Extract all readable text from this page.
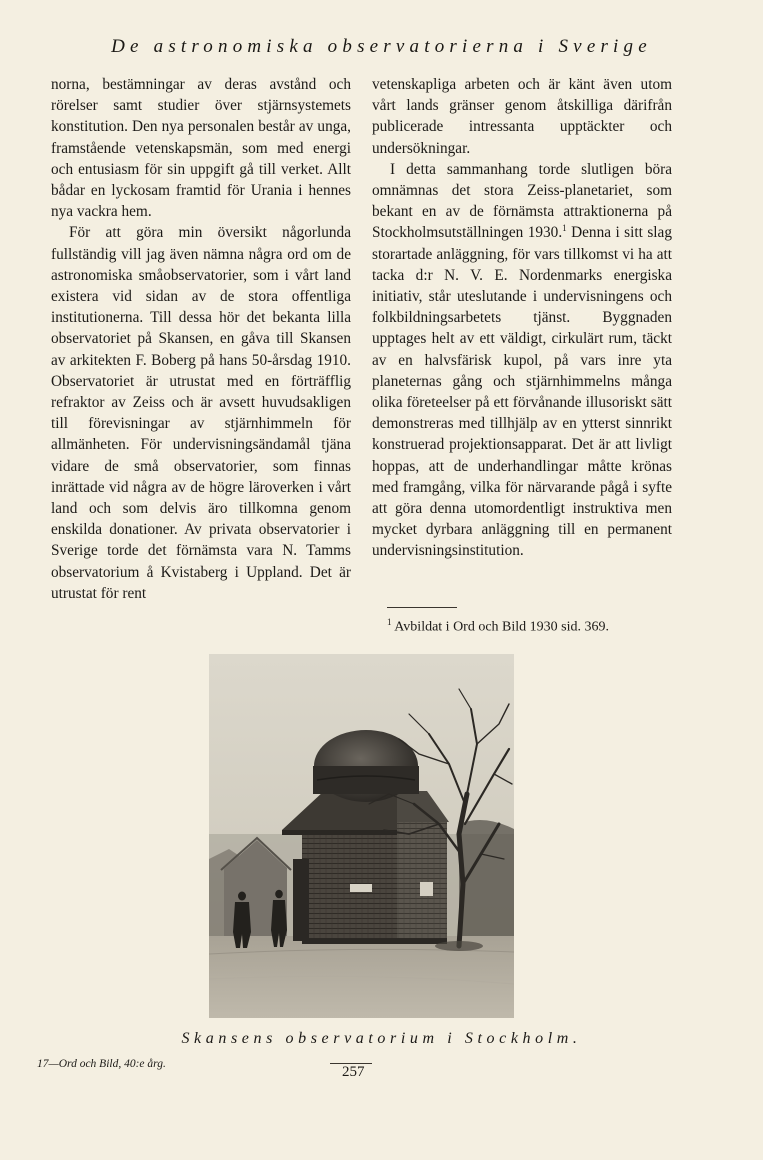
De astronomiska observatorierna i Sverige

norna, bestämningar av deras avstånd och rörelser samt studier över stjärnsystemets konstitution. Den nya personalen består av unga, framstående vetenskapsmän, som med energi och entusiasm för sin uppgift gå till verket. Allt bådar en lyckosam framtid för Urania i hennes nya vackra hem.

För att göra min översikt någorlunda fullständig vill jag även nämna några ord om de astronomiska småobservatorier, som i vårt land existera vid sidan av de stora offentliga institutionerna. Till dessa hör det bekanta lilla observatoriet på Skansen, en gåva till Skansen av arkitekten F. Boberg på hans 50-årsdag 1910. Observatoriet är utrustat med en förträfflig refraktor av Zeiss och är avsett huvudsakligen till förevisningar av stjärnhimmeln för allmänheten. För undervisningsändamål tjäna vidare de små observatorier, som finnas inrättade vid några av de högre läroverken i vårt land och som delvis äro tillkomna genom enskilda donationer. Av privata observatorier i Sverige torde det förnämsta vara N. Tamms observatorium å Kvistaberg i Uppland. Det är utrustat för rent

vetenskapliga arbeten och är känt även utom vårt lands gränser genom åtskilliga därifrån publicerade intressanta upptäckter och undersökningar.

I detta sammanhang torde slutligen böra omnämnas det stora Zeiss-planetariet, som bekant en av de förnämsta attraktionerna på Stockholmsutställningen 1930.$^1$ Denna i sitt slag storartade anläggning, för vars tillkomst vi ha att tacka d:r N. V. E. Nordenmarks energiska initiativ, står uteslutande i undervisningens och folkbildningsarbetets tjänst. Byggnaden upptages helt av ett väldigt, cirkulärt rum, täckt av en halvsfärisk kupol, på vars inre yta planeternas gång och stjärnhimmelns många olika företeelser på ett förvånande illusoriskt sätt demonstreras med tillhjälp av en ytterst sinnrikt konstruerad projektionsapparat. Det är att livligt hoppas, att de underhandlingar måtte krönas med framgång, vilka för närvarande pågå i syfte att göra denna utomordentligt instruktiva men mycket dyrbara anläggning till en permanent undervisningsinstitution.

$^1$ Avbildat i Ord och Bild 1930 sid. 369.
Skansens observatorium i Stockholm.
17—Ord och Bild, 40:e årg.	257
